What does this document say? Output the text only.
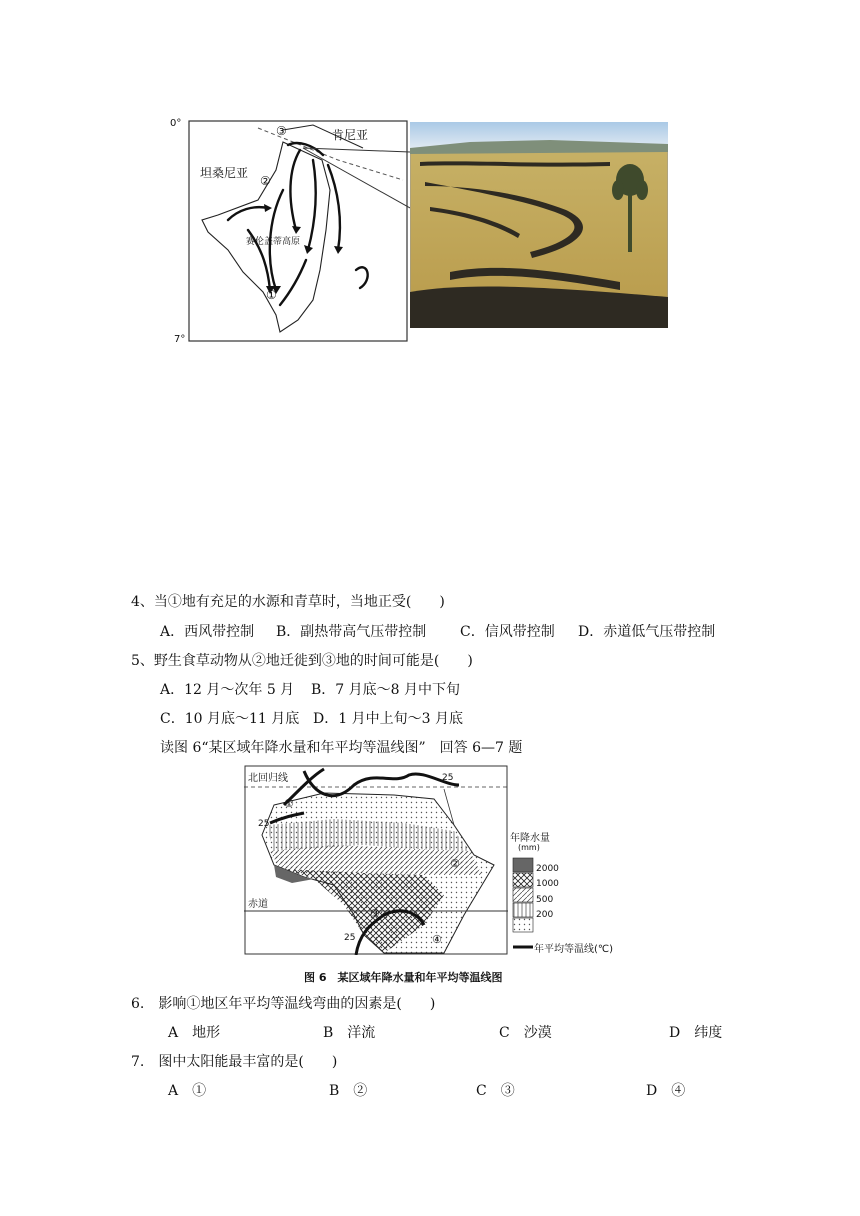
0°
7°
肯尼亚
坦桑尼亚
赛伦盖蒂高原
③
②
①
4、当①地有充足的水源和青草时，当地正受(　　)
A．西风带控制 B．副热带高气压带控制 C．信风带控制 D．赤道低气压带控制
5、野生食草动物从②地迁徙到③地的时间可能是(　　)
A．12 月～次年 5 月 B．7 月底～8 月中下旬
C．10 月底～11 月底 D．1 月中上旬～3 月底
读图 6“某区域年降水量和年平均等温线图”　回答 6—7 题
北回归线
赤道
25
25
25
①
②
③
④
年降水量
(mm)
2000
1000
500
200
年平均等温线(℃)
图 6　某区域年降水量和年平均等温线图
6.　影响①地区年平均等温线弯曲的因素是(　　)
A　地形	B　洋流	C　沙漠	D　纬度
7.　图中太阳能最丰富的是(　　)
A　①	B　②	C　③	D　④
